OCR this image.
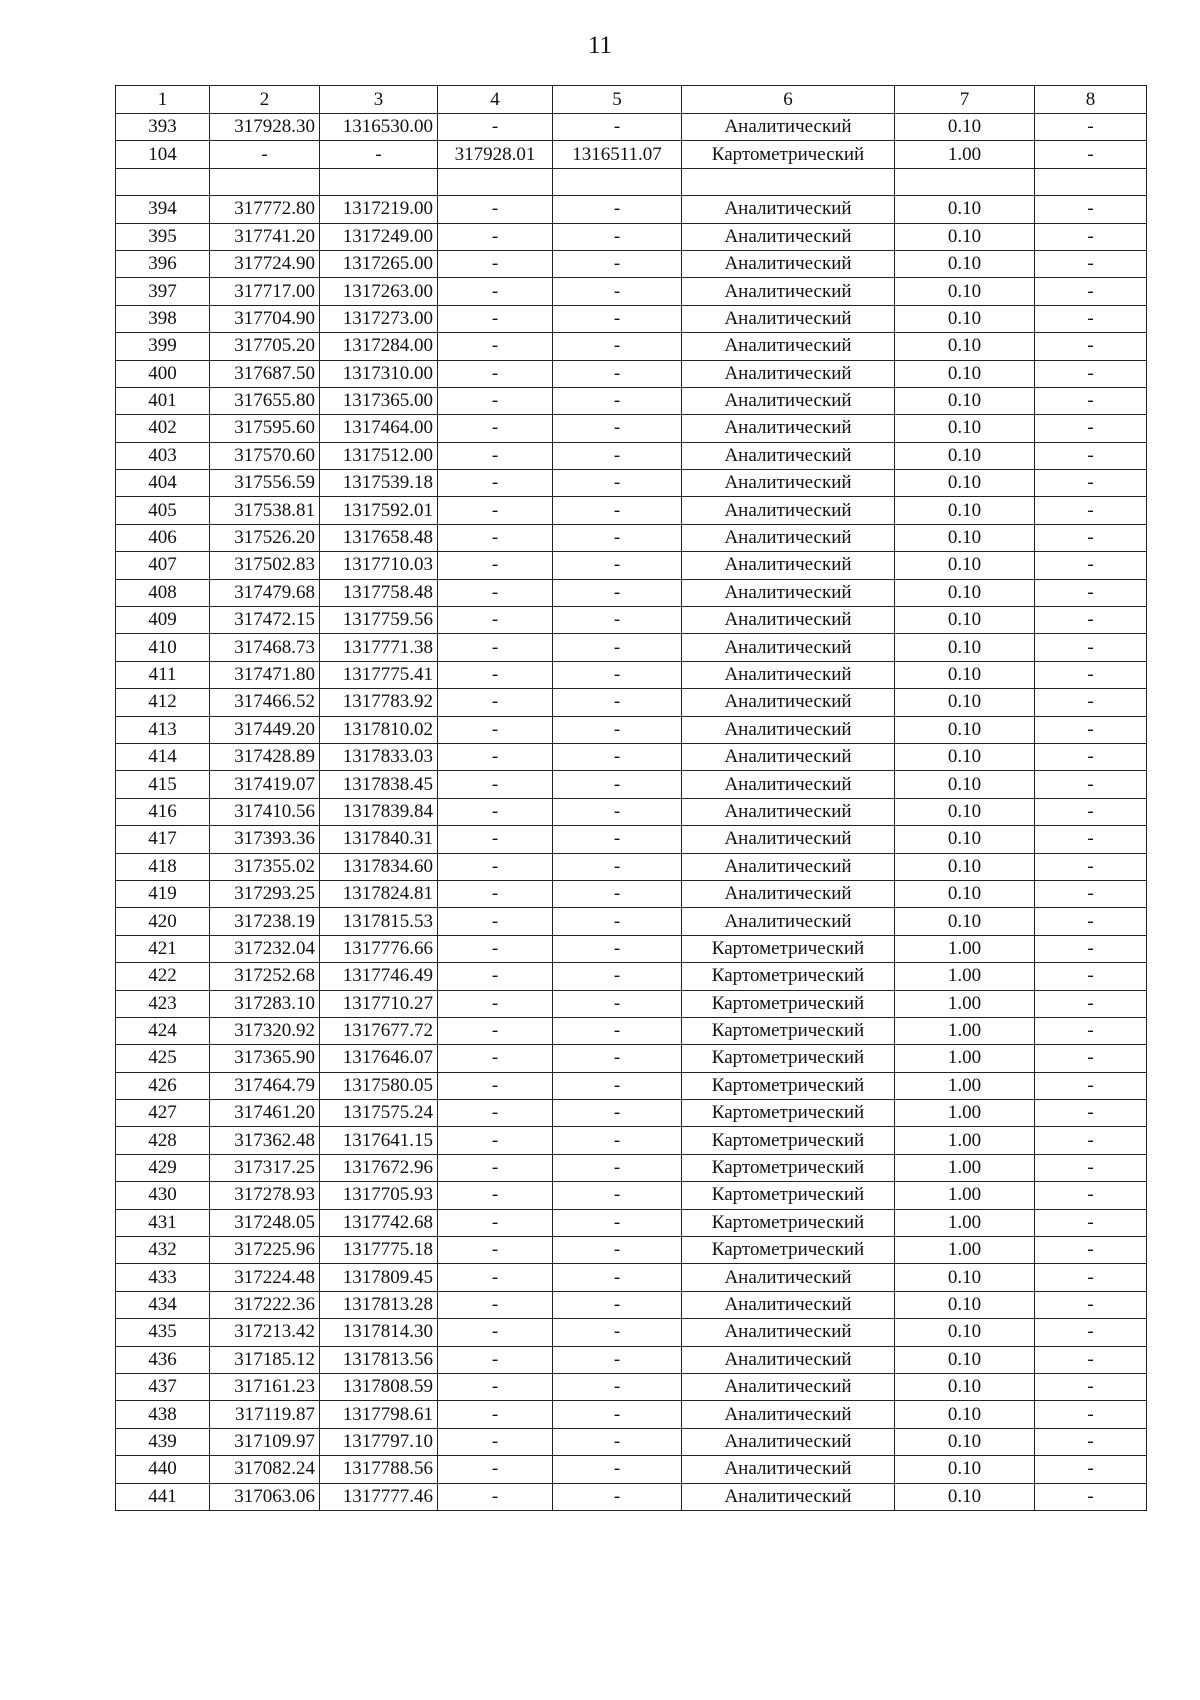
11
1	2	3	4	5	6	7	8
393	317928.30	1316530.00	-	-	Аналитический	0.10	-
104	-	-	317928.01	1316511.07	Картометрический	1.00	-

394	317772.80	1317219.00	-	-	Аналитический	0.10	-
395	317741.20	1317249.00	-	-	Аналитический	0.10	-
396	317724.90	1317265.00	-	-	Аналитический	0.10	-
397	317717.00	1317263.00	-	-	Аналитический	0.10	-
398	317704.90	1317273.00	-	-	Аналитический	0.10	-
399	317705.20	1317284.00	-	-	Аналитический	0.10	-
400	317687.50	1317310.00	-	-	Аналитический	0.10	-
401	317655.80	1317365.00	-	-	Аналитический	0.10	-
402	317595.60	1317464.00	-	-	Аналитический	0.10	-
403	317570.60	1317512.00	-	-	Аналитический	0.10	-
404	317556.59	1317539.18	-	-	Аналитический	0.10	-
405	317538.81	1317592.01	-	-	Аналитический	0.10	-
406	317526.20	1317658.48	-	-	Аналитический	0.10	-
407	317502.83	1317710.03	-	-	Аналитический	0.10	-
408	317479.68	1317758.48	-	-	Аналитический	0.10	-
409	317472.15	1317759.56	-	-	Аналитический	0.10	-
410	317468.73	1317771.38	-	-	Аналитический	0.10	-
411	317471.80	1317775.41	-	-	Аналитический	0.10	-
412	317466.52	1317783.92	-	-	Аналитический	0.10	-
413	317449.20	1317810.02	-	-	Аналитический	0.10	-
414	317428.89	1317833.03	-	-	Аналитический	0.10	-
415	317419.07	1317838.45	-	-	Аналитический	0.10	-
416	317410.56	1317839.84	-	-	Аналитический	0.10	-
417	317393.36	1317840.31	-	-	Аналитический	0.10	-
418	317355.02	1317834.60	-	-	Аналитический	0.10	-
419	317293.25	1317824.81	-	-	Аналитический	0.10	-
420	317238.19	1317815.53	-	-	Аналитический	0.10	-
421	317232.04	1317776.66	-	-	Картометрический	1.00	-
422	317252.68	1317746.49	-	-	Картометрический	1.00	-
423	317283.10	1317710.27	-	-	Картометрический	1.00	-
424	317320.92	1317677.72	-	-	Картометрический	1.00	-
425	317365.90	1317646.07	-	-	Картометрический	1.00	-
426	317464.79	1317580.05	-	-	Картометрический	1.00	-
427	317461.20	1317575.24	-	-	Картометрический	1.00	-
428	317362.48	1317641.15	-	-	Картометрический	1.00	-
429	317317.25	1317672.96	-	-	Картометрический	1.00	-
430	317278.93	1317705.93	-	-	Картометрический	1.00	-
431	317248.05	1317742.68	-	-	Картометрический	1.00	-
432	317225.96	1317775.18	-	-	Картометрический	1.00	-
433	317224.48	1317809.45	-	-	Аналитический	0.10	-
434	317222.36	1317813.28	-	-	Аналитический	0.10	-
435	317213.42	1317814.30	-	-	Аналитический	0.10	-
436	317185.12	1317813.56	-	-	Аналитический	0.10	-
437	317161.23	1317808.59	-	-	Аналитический	0.10	-
438	317119.87	1317798.61	-	-	Аналитический	0.10	-
439	317109.97	1317797.10	-	-	Аналитический	0.10	-
440	317082.24	1317788.56	-	-	Аналитический	0.10	-
441	317063.06	1317777.46	-	-	Аналитический	0.10	-
